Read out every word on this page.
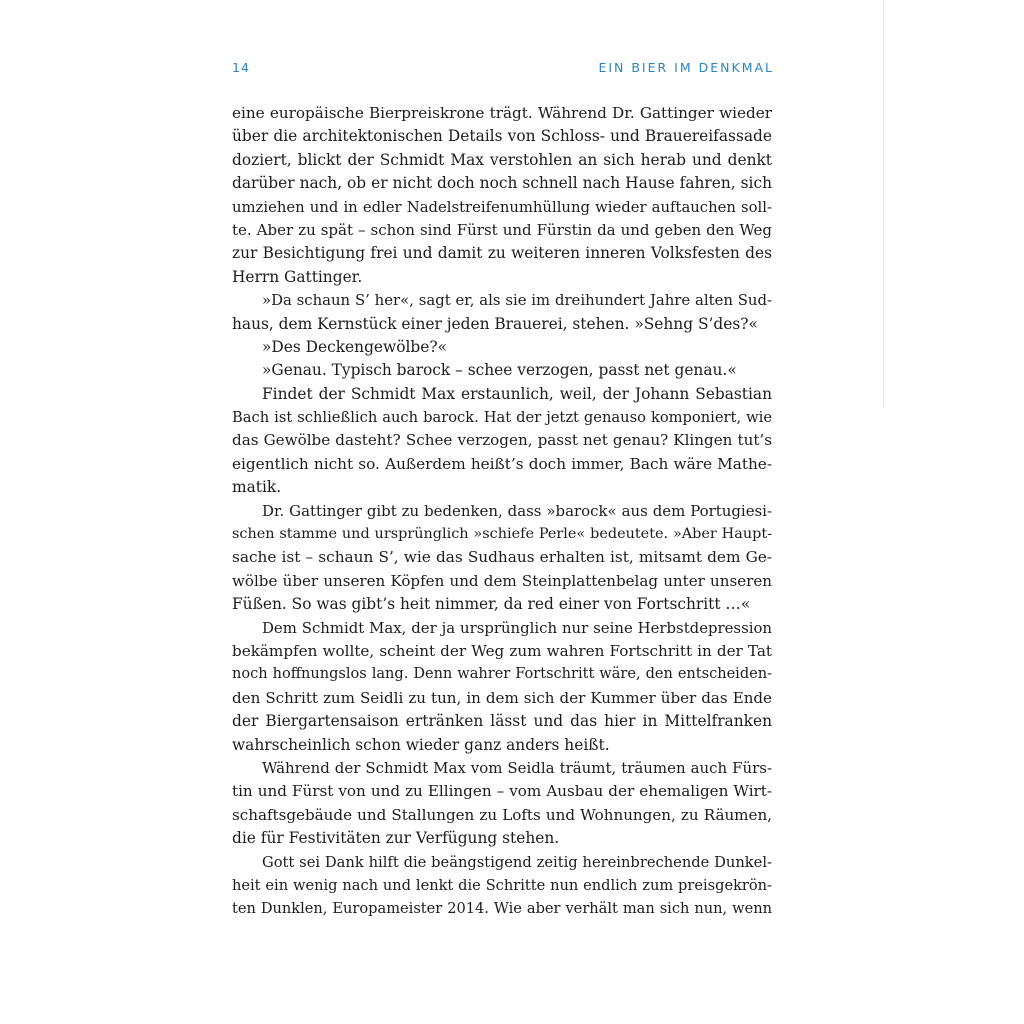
14	EIN BIER IM DENKMAL
eine europäische Bierpreiskrone trägt. Während Dr. Gattinger wieder
über die architektonischen Details von Schloss- und Brauereifassade
doziert, blickt der Schmidt Max verstohlen an sich herab und denkt
darüber nach, ob er nicht doch noch schnell nach Hause fahren, sich
umziehen und in edler Nadelstreifenumhüllung wieder auftauchen soll-
te. Aber zu spät – schon sind Fürst und Fürstin da und geben den Weg
zur Besichtigung frei und damit zu weiteren inneren Volksfesten des
Herrn Gattinger.
»Da schaun S’ her«, sagt er, als sie im dreihundert Jahre alten Sud-
haus, dem Kernstück einer jeden Brauerei, stehen. »Sehng S’des?«
»Des Deckengewölbe?«
»Genau. Typisch barock – schee verzogen, passt net genau.«
Findet der Schmidt Max erstaunlich, weil, der Johann Sebastian
Bach ist schließlich auch barock. Hat der jetzt genauso komponiert, wie
das Gewölbe dasteht? Schee verzogen, passt net genau? Klingen tut’s
eigentlich nicht so. Außerdem heißt’s doch immer, Bach wäre Mathe-
matik.
Dr. Gattinger gibt zu bedenken, dass »barock« aus dem Portugiesi-
schen stamme und ursprünglich »schiefe Perle« bedeutete. »Aber Haupt-
sache ist – schaun S’, wie das Sudhaus erhalten ist, mitsamt dem Ge-
wölbe über unseren Köpfen und dem Steinplattenbelag unter unseren
Füßen. So was gibt’s heit nimmer, da red einer von Fortschritt …«
Dem Schmidt Max, der ja ursprünglich nur seine Herbstdepression
bekämpfen wollte, scheint der Weg zum wahren Fortschritt in der Tat
noch hoffnungslos lang. Denn wahrer Fortschritt wäre, den entscheiden-
den Schritt zum Seidli zu tun, in dem sich der Kummer über das Ende
der Biergartensaison ertränken lässt und das hier in Mittelfranken
wahrscheinlich schon wieder ganz anders heißt.
Während der Schmidt Max vom Seidla träumt, träumen auch Fürs-
tin und Fürst von und zu Ellingen – vom Ausbau der ehemaligen Wirt-
schaftsgebäude und Stallungen zu Lofts und Wohnungen, zu Räumen,
die für Festivitäten zur Verfügung stehen.
Gott sei Dank hilft die beängstigend zeitig hereinbrechende Dunkel-
heit ein wenig nach und lenkt die Schritte nun endlich zum preisgekrön-
ten Dunklen, Europameister 2014. Wie aber verhält man sich nun, wenn
